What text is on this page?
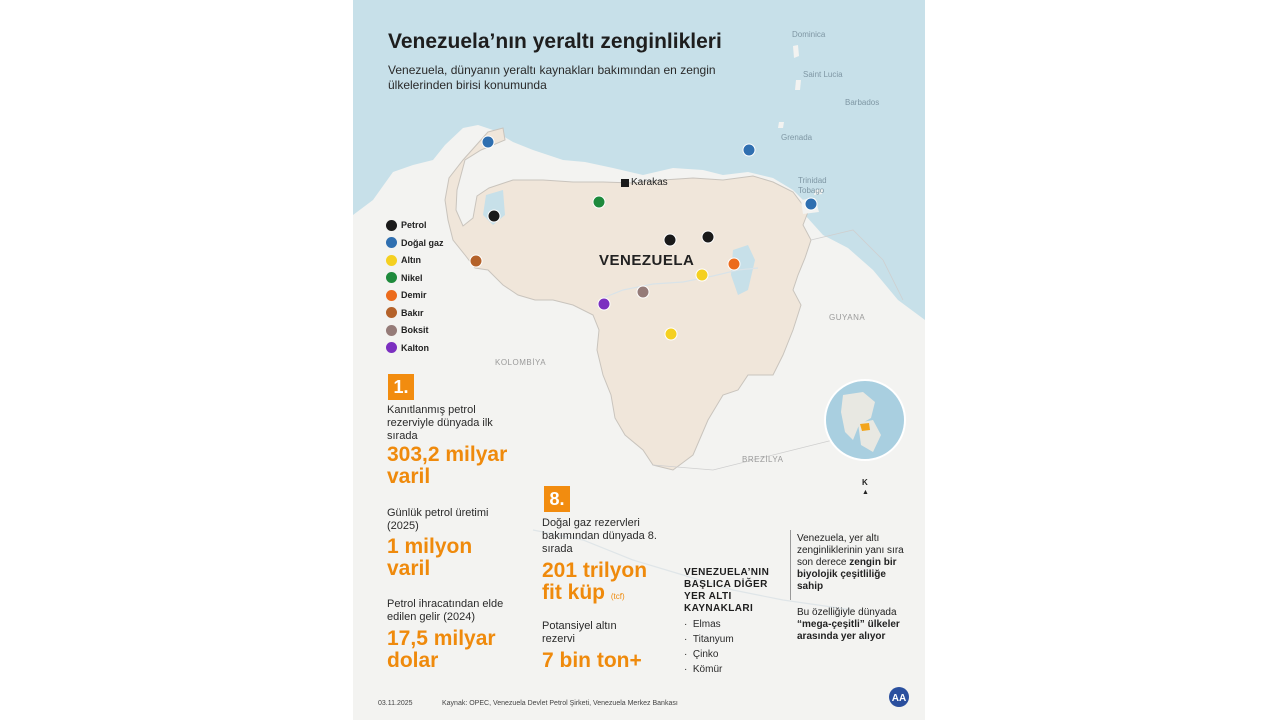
Venezuela’nın yeraltı zenginlikleri
Venezuela, dünyanın yeraltı kaynakları bakımından en zengin ülkelerinden birisi konumunda
VENEZUELA
Karakas
KOLOMBİYA
BREZİLYA
GUYANA
Dominica
Saint Lucia
Barbados
Grenada
Trinidad Tobago
K
▲
Petrol
Doğal gaz
Altın
Nikel
Demir
Bakır
Boksit
Kalton
1.
Kanıtlanmış petrol rezerviyle dünyada ilk sırada
303,2 milyar varil
Günlük petrol üretimi (2025)
1 milyon varil
Petrol ihracatından elde edilen gelir (2024)
17,5 milyar dolar
8.
Doğal gaz rezervleri bakımından dünyada 8. sırada
201 trilyon fit küp (tcf)
Potansiyel altın rezervi
7 bin ton+
VENEZUELA’NIN BAŞLICA DİĞER YER ALTI KAYNAKLARI
·  Elmas
·  Titanyum
·  Çinko
·  Kömür
Venezuela, yer altı zenginliklerinin yanı sıra son derece zengin bir biyolojik çeşitliliğe sahip
Bu özelliğiyle dünyada “mega-çeşitli” ülkeler arasında yer alıyor
03.11.2025	Kaynak: OPEC, Venezuela Devlet Petrol Şirketi, Venezuela Merkez Bankası	AA
